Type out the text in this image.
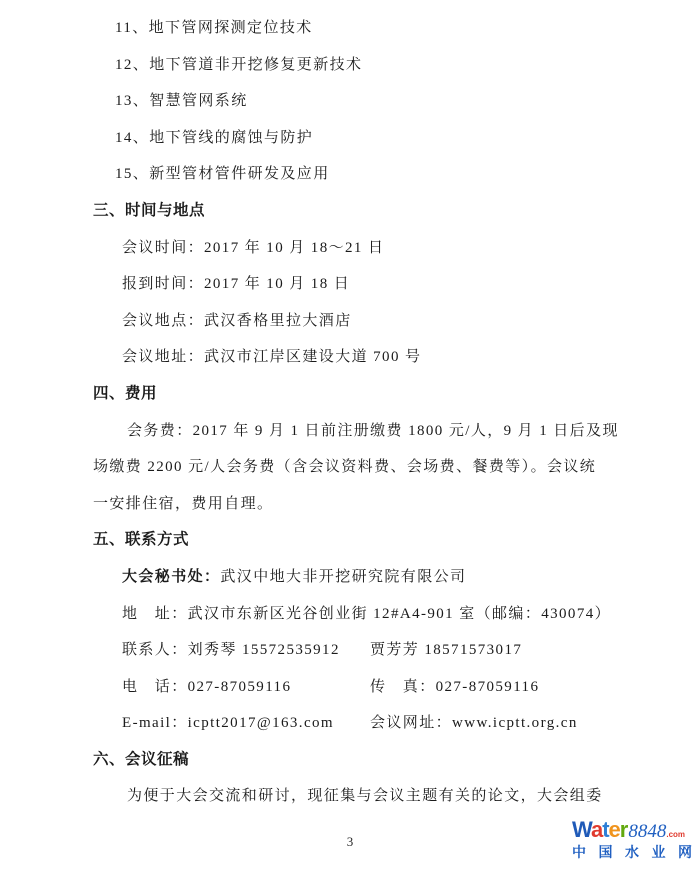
11、地下管网探测定位技术
12、地下管道非开挖修复更新技术
13、智慧管网系统
14、地下管线的腐蚀与防护
15、新型管材管件研发及应用
三、时间与地点
会议时间：2017 年 10 月 18～21 日
报到时间：2017 年 10 月 18 日
会议地点：武汉香格里拉大酒店
会议地址：武汉市江岸区建设大道 700 号
四、费用
会务费：2017 年 9 月 1 日前注册缴费 1800 元/人，9 月 1 日后及现
场缴费 2200 元/人会务费（含会议资料费、会场费、餐费等）。会议统
一安排住宿，费用自理。
五、联系方式
大会秘书处：武汉中地大非开挖研究院有限公司
地　址：武汉市东新区光谷创业街 12#A4-901 室（邮编：430074）
联系人：刘秀琴 15572535912	贾芳芳 18571573017
电　话：027-87059116	传　真：027-87059116
E-mail：icptt2017@163.com	会议网址：www.icptt.org.cn
六、会议征稿
为便于大会交流和研讨，现征集与会议主题有关的论文，大会组委
3	Water 8848 .com
中 国 水 业 网
